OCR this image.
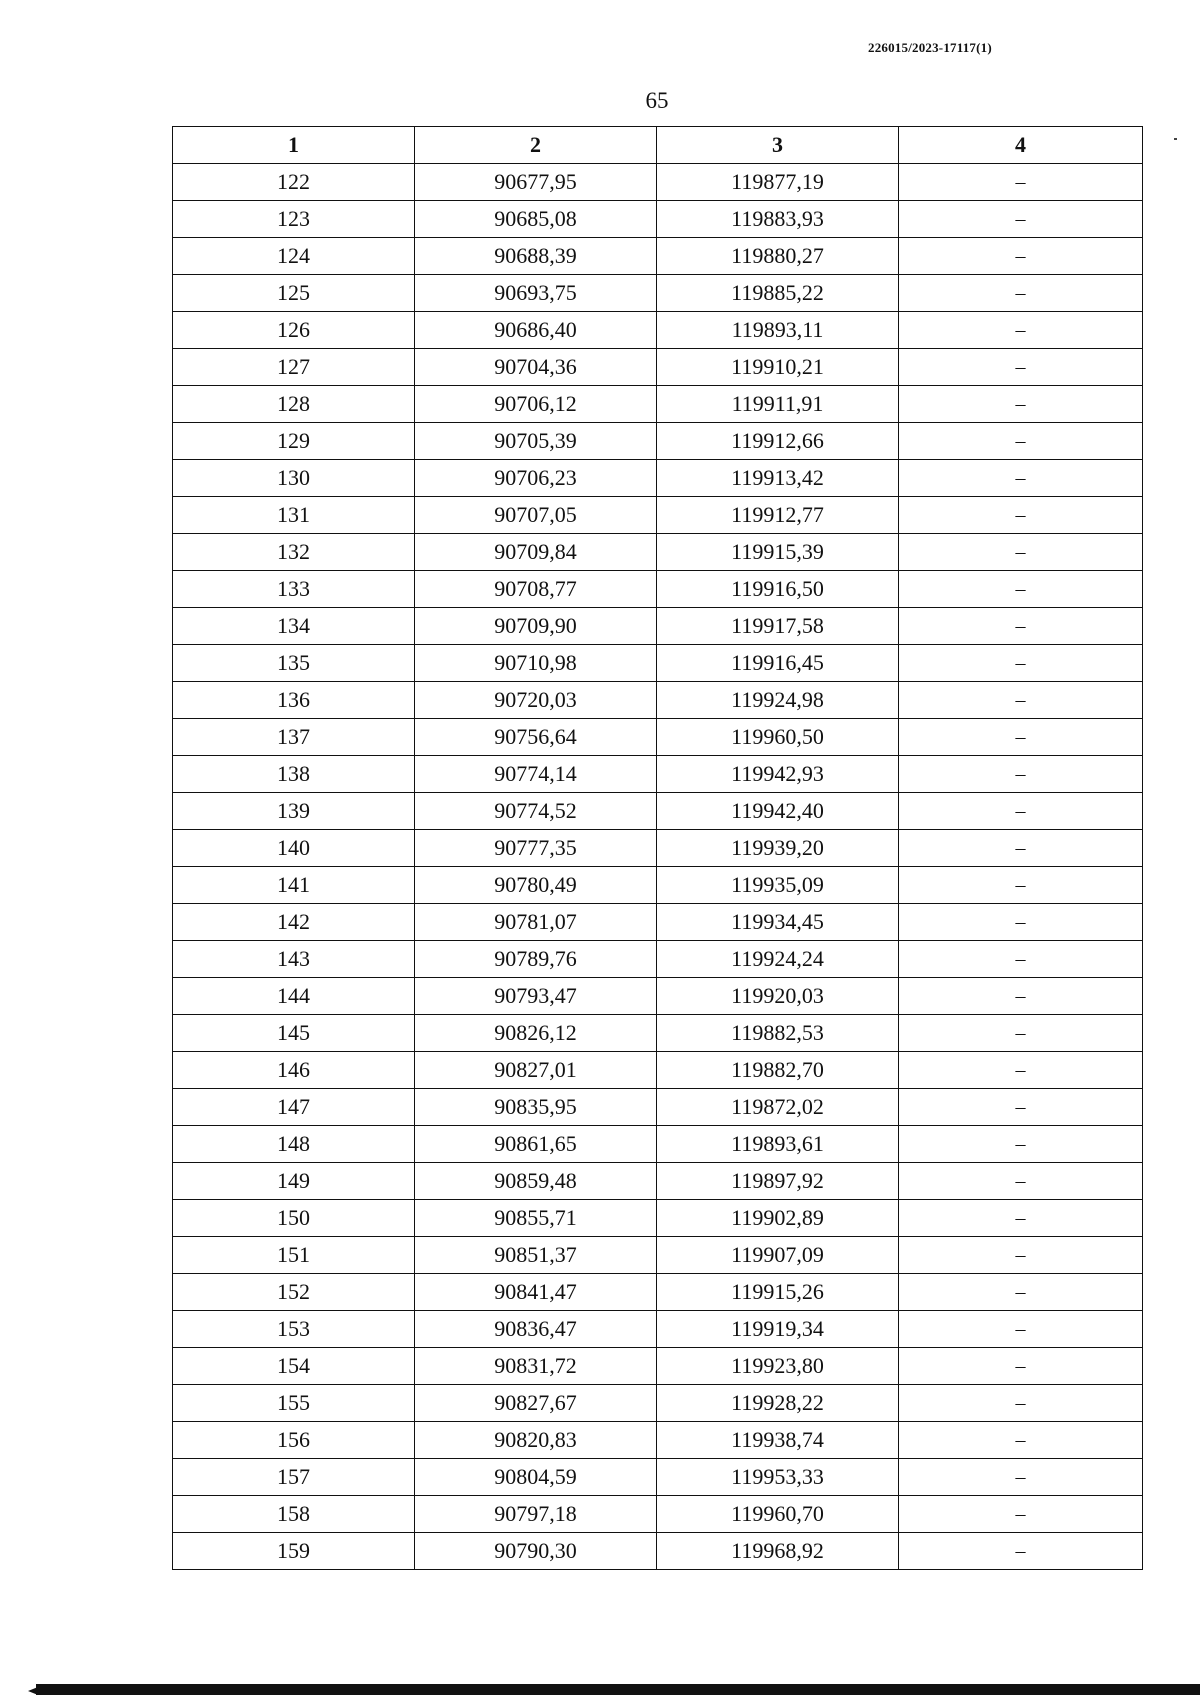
226015/2023-17117(1)
65
1	2	3	4
122	90677,95	119877,19	–
123	90685,08	119883,93	–
124	90688,39	119880,27	–
125	90693,75	119885,22	–
126	90686,40	119893,11	–
127	90704,36	119910,21	–
128	90706,12	119911,91	–
129	90705,39	119912,66	–
130	90706,23	119913,42	–
131	90707,05	119912,77	–
132	90709,84	119915,39	–
133	90708,77	119916,50	–
134	90709,90	119917,58	–
135	90710,98	119916,45	–
136	90720,03	119924,98	–
137	90756,64	119960,50	–
138	90774,14	119942,93	–
139	90774,52	119942,40	–
140	90777,35	119939,20	–
141	90780,49	119935,09	–
142	90781,07	119934,45	–
143	90789,76	119924,24	–
144	90793,47	119920,03	–
145	90826,12	119882,53	–
146	90827,01	119882,70	–
147	90835,95	119872,02	–
148	90861,65	119893,61	–
149	90859,48	119897,92	–
150	90855,71	119902,89	–
151	90851,37	119907,09	–
152	90841,47	119915,26	–
153	90836,47	119919,34	–
154	90831,72	119923,80	–
155	90827,67	119928,22	–
156	90820,83	119938,74	–
157	90804,59	119953,33	–
158	90797,18	119960,70	–
159	90790,30	119968,92	–
